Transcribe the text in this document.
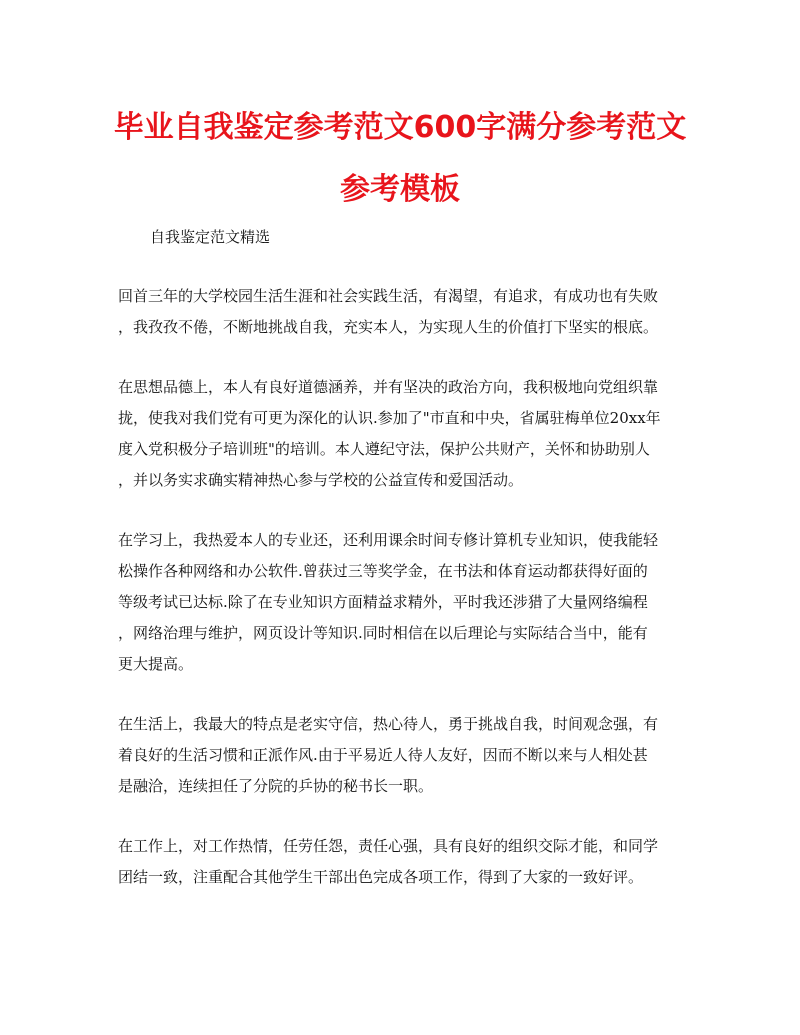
毕业自我鉴定参考范文600字满分参考范文
参考模板
自我鉴定范文精选
回首三年的大学校园生活生涯和社会实践生活，有渴望，有追求，有成功也有失败
，我孜孜不倦，不断地挑战自我，充实本人，为实现人生的价值打下坚实的根底。
在思想品德上，本人有良好道德涵养，并有坚决的政治方向，我积极地向党组织靠
拢，使我对我们党有可更为深化的认识.参加了"市直和中央，省属驻梅单位20xx年
度入党积极分子培训班"的培训。本人遵纪守法，保护公共财产，关怀和协助别人
，并以务实求确实精神热心参与学校的公益宣传和爱国活动。
在学习上，我热爱本人的专业还，还利用课余时间专修计算机专业知识，使我能轻
松操作各种网络和办公软件.曾获过三等奖学金，在书法和体育运动都获得好面的
等级考试已达标.除了在专业知识方面精益求精外，平时我还涉猎了大量网络编程
，网络治理与维护，网页设计等知识.同时相信在以后理论与实际结合当中，能有
更大提高。
在生活上，我最大的特点是老实守信，热心待人，勇于挑战自我，时间观念强，有
着良好的生活习惯和正派作风.由于平易近人待人友好，因而不断以来与人相处甚
是融洽，连续担任了分院的乒协的秘书长一职。
在工作上，对工作热情，任劳任怨，责任心强，具有良好的组织交际才能，和同学
团结一致，注重配合其他学生干部出色完成各项工作，得到了大家的一致好评。
